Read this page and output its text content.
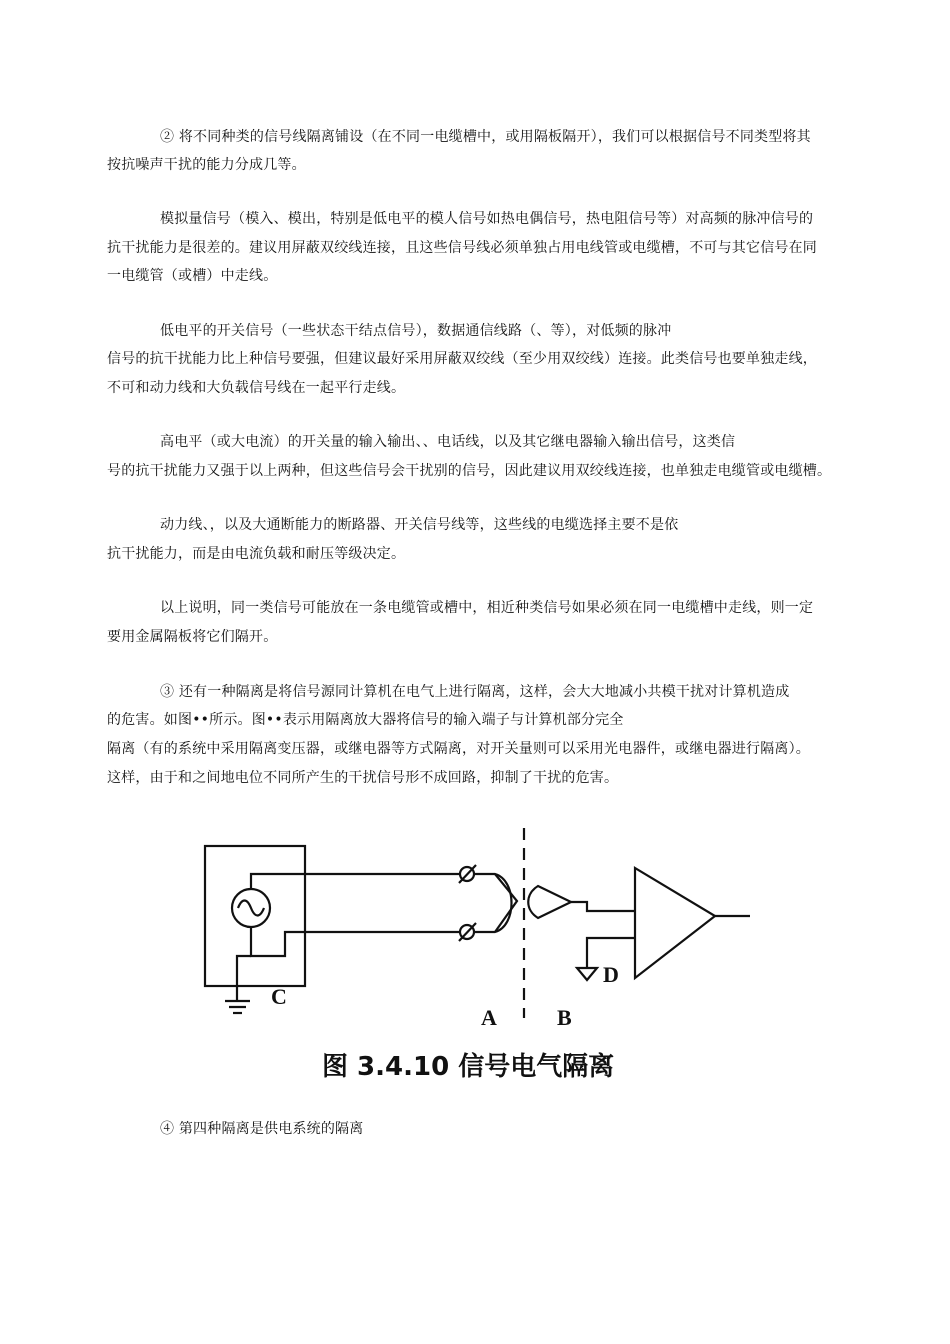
② 将不同种类的信号线隔离铺设（在不同一电缆槽中，或用隔板隔开），我们可以根据信号不同类型将其
按抗噪声干扰的能力分成几等。
模拟量信号（模入、模出，特别是低电平的模人信号如热电偶信号，热电阻信号等）对高频的脉冲信号的
抗干扰能力是很差的。建议用屏蔽双绞线连接，且这些信号线必须单独占用电线管或电缆槽，不可与其它信号在同
一电缆管（或槽）中走线。
低电平的开关信号（一些状态干结点信号），数据通信线路（、等），对低频的脉冲
信号的抗干扰能力比上种信号要强，但建议最好采用屏蔽双绞线（至少用双绞线）连接。此类信号也要单独走线，
不可和动力线和大负载信号线在一起平行走线。
高电平（或大电流）的开关量的输入输出、、电话线，以及其它继电器输入输出信号，这类信
号的抗干扰能力又强于以上两种，但这些信号会干扰别的信号，因此建议用双绞线连接，也单独走电缆管或电缆槽。
动力线、，以及大通断能力的断路器、开关信号线等，这些线的电缆选择主要不是依
抗干扰能力，而是由电流负载和耐压等级决定。
以上说明，同一类信号可能放在一条电缆管或槽中，相近种类信号如果必须在同一电缆槽中走线，则一定
要用金属隔板将它们隔开。
③ 还有一种隔离是将信号源同计算机在电气上进行隔离，这样，会大大地减小共模干扰对计算机造成
的危害。如图••所示。图••表示用隔离放大器将信号的输入端子与计算机部分完全
隔离（有的系统中采用隔离变压器，或继电器等方式隔离，对开关量则可以采用光电器件，或继电器进行隔离）。
这样，由于和之间地电位不同所产生的干扰信号形不成回路，抑制了干扰的危害。
C
A	B
D
图 3.4.10 信号电气隔离
④ 第四种隔离是供电系统的隔离
